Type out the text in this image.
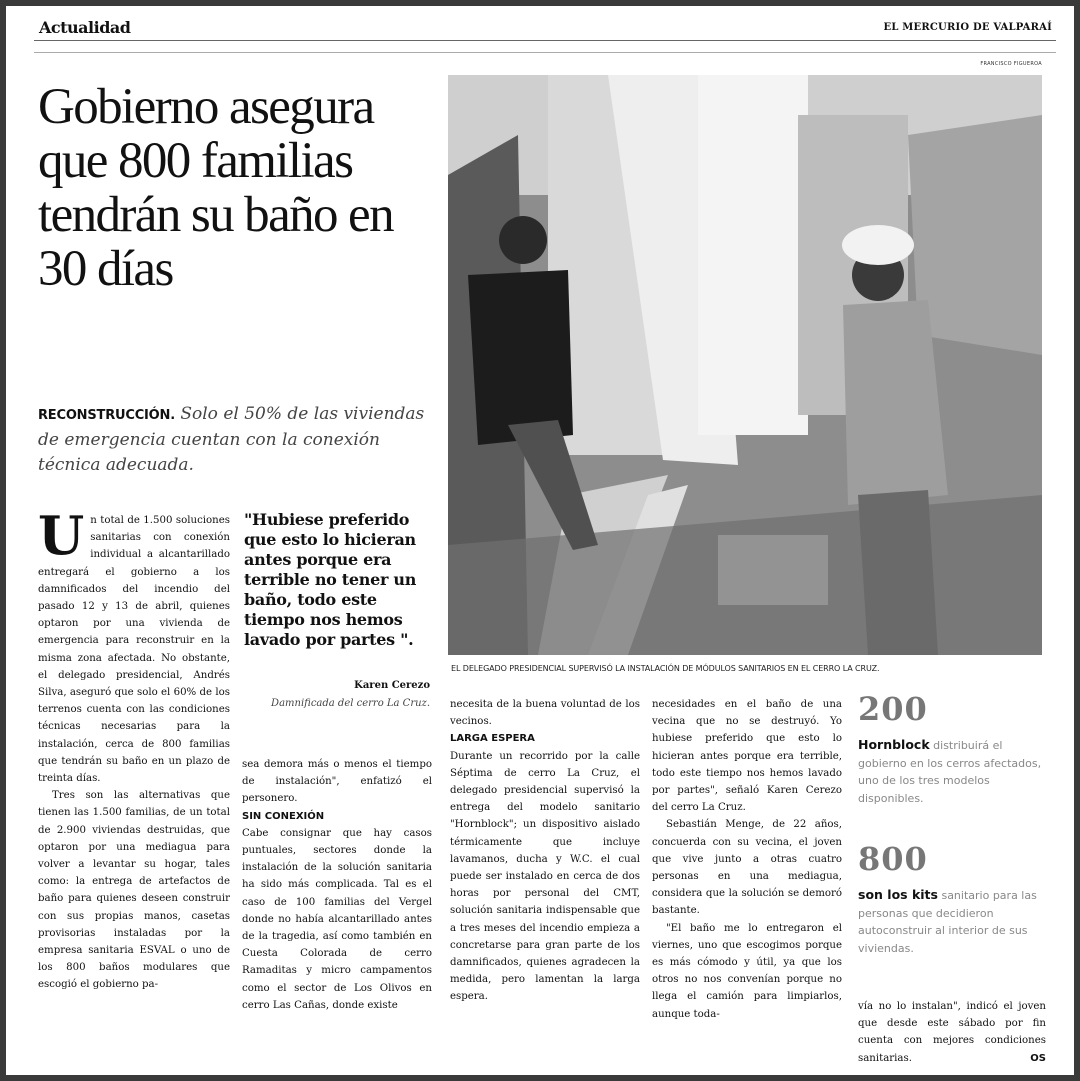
Actualidad	EL MERCURIO DE VALPARAÍ
FRANCISCO FIGUEROA
Gobierno asegura que 800 familias tendrán su baño en 30 días
RECONSTRUCCIÓN. Solo el 50% de las viviendas de emergencia cuentan con la conexión técnica adecuada.
EL DELEGADO PRESIDENCIAL SUPERVISÓ LA INSTALACIÓN DE MÓDULOS SANITARIOS EN EL CERRO LA CRUZ.
U n total de 1.500 soluciones sanitarias con conexión individual a alcantarillado entregará el gobierno a los damnificados del incendio del pasado 12 y 13 de abril, quienes optaron por una vivienda de emergencia para reconstruir en la misma zona afectada. No obstante, el delegado presidencial, Andrés Silva, aseguró que solo el 60% de los terrenos cuenta con las condiciones técnicas necesarias para la instalación, cerca de 800 familias que tendrán su baño en un plazo de treinta días.

Tres son las alternativas que tienen las 1.500 familias, de un total de 2.900 viviendas destruidas, que optaron por una mediagua para volver a levantar su hogar, tales como: la entrega de artefactos de baño para quienes deseen construir con sus propias manos, casetas provisorias instaladas por la empresa sanitaria ESVAL o uno de los 800 baños modulares que escogió el gobierno pa-

"Hubiese preferido que esto lo hicieran antes porque era terrible no tener un baño, todo este tiempo nos hemos lavado por partes ".
Karen Cerezo
Damnificada del cerro La Cruz.

sea demora más o menos el tiempo de instalación", enfatizó el personero.

SIN CONEXIÓN

Cabe consignar que hay casos puntuales, sectores donde la instalación de la solución sanitaria ha sido más complicada. Tal es el caso de 100 familias del Vergel donde no había alcantarillado antes de la tragedia, así como también en Cuesta Colorada de cerro Ramaditas y micro campamentos como el sector de Los Olivos en cerro Las Cañas, donde existe

necesita de la buena voluntad de los vecinos.

LARGA ESPERA

Durante un recorrido por la calle Séptima de cerro La Cruz, el delegado presidencial supervisó la entrega del modelo sanitario "Hornblock"; un dispositivo aislado térmicamente que incluye lavamanos, ducha y W.C. el cual puede ser instalado en cerca de dos horas por personal del CMT, solución sanitaria indispensable que a tres meses del incendio empieza a concretarse para gran parte de los damnificados, quienes agradecen la medida, pero lamentan la larga espera.

necesidades en el baño de una vecina que no se destruyó. Yo hubiese preferido que esto lo hicieran antes porque era terrible, todo este tiempo nos hemos lavado por partes", señaló Karen Cerezo del cerro La Cruz.

Sebastián Menge, de 22 años, concuerda con su vecina, el joven que vive junto a otras cuatro personas en una mediagua, considera que la solución se demoró bastante.

"El baño me lo entregaron el viernes, uno que escogimos porque es más cómodo y útil, ya que los otros no nos convenían porque no llega el camión para limpiarlos, aunque toda-

200
Hornblock distribuirá el gobierno en los cerros afectados, uno de los tres modelos disponibles.
800
son los kits sanitario para las personas que decidieron autoconstruir al interior de sus viviendas.
vía no lo instalan", indicó el joven que desde este sábado por fin cuenta con mejores condiciones sanitarias.	OS
